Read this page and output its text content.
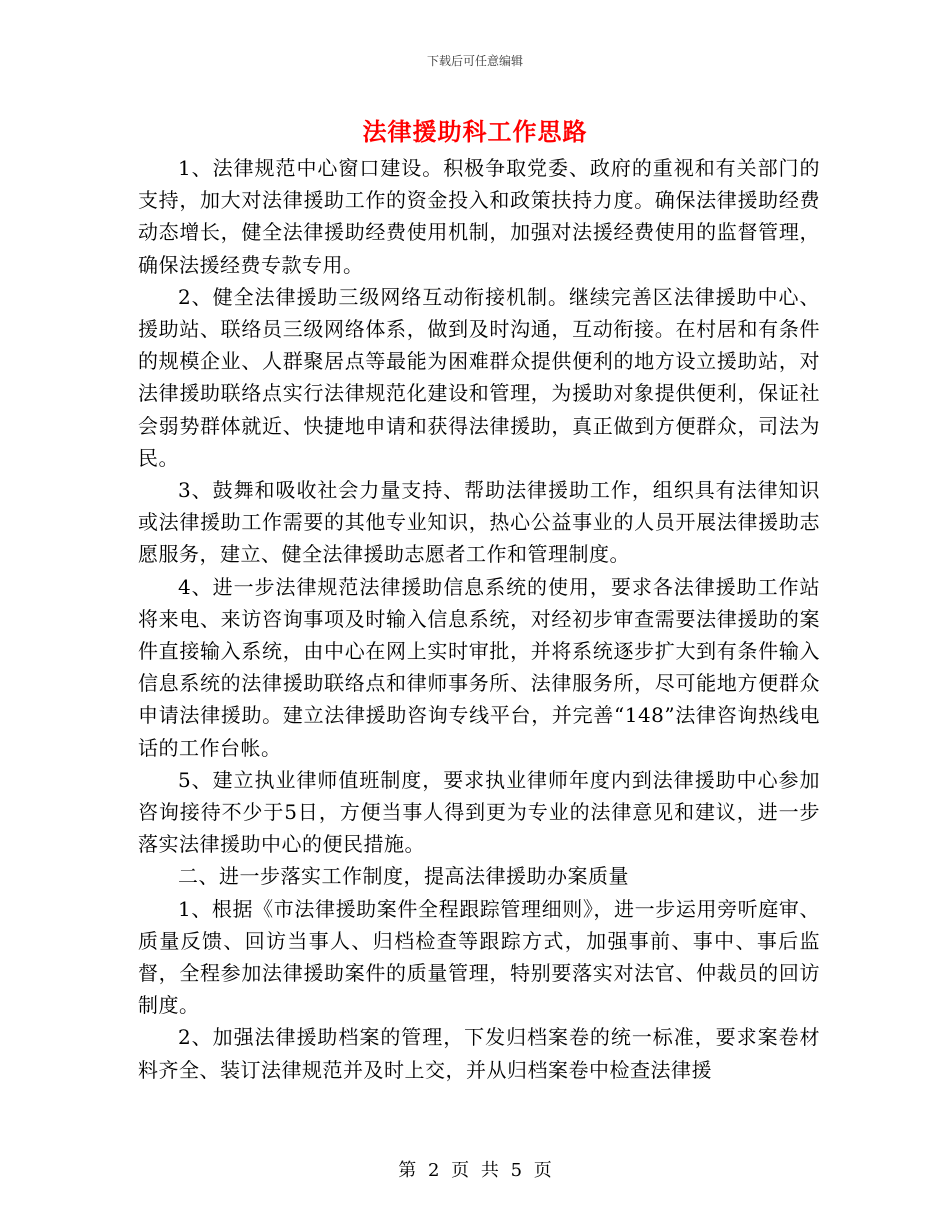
下载后可任意编辑
法律援助科工作思路

1、法律规范中心窗口建设。积极争取党委、政府的重视和有关部门的支持，加大对法律援助工作的资金投入和政策扶持力度。确保法律援助经费动态增长，健全法律援助经费使用机制，加强对法援经费使用的监督管理，确保法援经费专款专用。

2、健全法律援助三级网络互动衔接机制。继续完善区法律援助中心、援助站、联络员三级网络体系，做到及时沟通，互动衔接。在村居和有条件的规模企业、人群聚居点等最能为困难群众提供便利的地方设立援助站，对法律援助联络点实行法律规范化建设和管理，为援助对象提供便利，保证社会弱势群体就近、快捷地申请和获得法律援助，真正做到方便群众，司法为民。

3、鼓舞和吸收社会力量支持、帮助法律援助工作，组织具有法律知识或法律援助工作需要的其他专业知识，热心公益事业的人员开展法律援助志愿服务，建立、健全法律援助志愿者工作和管理制度。

4、进一步法律规范法律援助信息系统的使用，要求各法律援助工作站将来电、来访咨询事项及时输入信息系统，对经初步审查需要法律援助的案件直接输入系统，由中心在网上实时审批，并将系统逐步扩大到有条件输入信息系统的法律援助联络点和律师事务所、法律服务所，尽可能地方便群众申请法律援助。建立法律援助咨询专线平台，并完善“148”法律咨询热线电话的工作台帐。

5、建立执业律师值班制度，要求执业律师年度内到法律援助中心参加咨询接待不少于5日，方便当事人得到更为专业的法律意见和建议，进一步落实法律援助中心的便民措施。

二、进一步落实工作制度，提高法律援助办案质量

1、根据《市法律援助案件全程跟踪管理细则》，进一步运用旁听庭审、质量反馈、回访当事人、归档检查等跟踪方式，加强事前、事中、事后监督，全程参加法律援助案件的质量管理，特别要落实对法官、仲裁员的回访制度。

2、加强法律援助档案的管理，下发归档案卷的统一标准，要求案卷材料齐全、装订法律规范并及时上交，并从归档案卷中检查法律援

第 2 页 共 5 页
